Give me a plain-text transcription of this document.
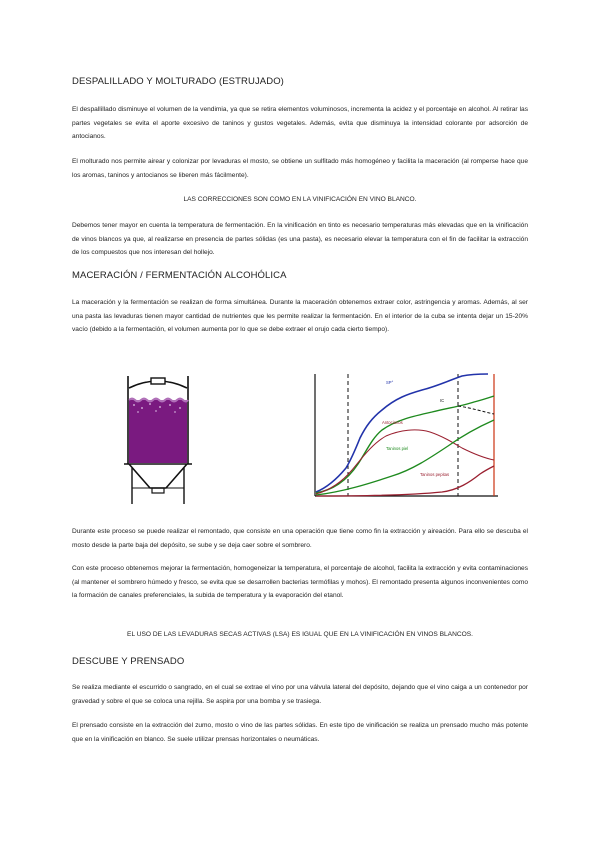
DESPALILLADO Y MOLTURADO (ESTRUJADO)

El despallillado disminuye el volumen de la vendimia, ya que se retira elementos voluminosos, incrementa la acidez y el porcentaje en alcohol. Al retirar las partes vegetales se evita el aporte excesivo de taninos y gustos vegetales. Además, evita que disminuya la intensidad colorante por adsorción de antocianos.

El molturado nos permite airear y colonizar por levaduras el mosto, se obtiene un sulfitado más homogéneo y facilita la maceración (al romperse hace que los aromas, taninos y antocianos se liberen más fácilmente).

LAS CORRECCIONES SON COMO EN LA VINIFICACIÓN EN VINO BLANCO.

Debemos tener mayor en cuenta la temperatura de fermentación. En la vinificación en tinto es necesario temperaturas más elevadas que en la vinificación de vinos blancos ya que, al realizarse en presencia de partes sólidas (es una pasta), es necesario elevar la temperatura con el fin de facilitar la extracción de los compuestos que nos interesan del hollejo.

MACERACIÓN / FERMENTACIÓN ALCOHÓLICA

La maceración y la fermentación se realizan de forma simultánea. Durante la maceración obtenemos extraer color, astringencia y aromas. Además, al ser una pasta las levaduras tienen mayor cantidad de nutrientes que les permite realizar la fermentación. En el interior de la cuba se intenta dejar un 15-20% vacío (debido a la fermentación, el volumen aumenta por lo que se debe extraer el orujo cada cierto tiempo).

SP°
IC
Antocianos
Taninos piel
Taninos pepitas

Durante este proceso se puede realizar el remontado, que consiste en una operación que tiene como fin la extracción y aireación. Para ello se descuba el mosto desde la parte baja del depósito, se sube y se deja caer sobre el sombrero.

Con este proceso obtenemos mejorar la fermentación, homogeneizar la temperatura, el porcentaje de alcohol, facilita la extracción y evita contaminaciones (al mantener el sombrero húmedo y fresco, se evita que se desarrollen bacterias termófilas y mohos). El remontado presenta algunos inconvenientes como la formación de canales preferenciales, la subida de temperatura y la evaporación del etanol.

EL USO DE LAS LEVADURAS SECAS ACTIVAS (LSA) ES IGUAL QUE EN LA VINIFICACIÓN EN VINOS BLANCOS.

DESCUBE Y PRENSADO

Se realiza mediante el escurrido o sangrado, en el cual se extrae el vino por una válvula lateral del depósito, dejando que el vino caiga a un contenedor por gravedad y sobre el que se coloca una rejilla. Se aspira por una bomba y se trasiega.

El prensado consiste en la extracción del zumo, mosto o vino de las partes sólidas. En este tipo de vinificación se realiza un prensado mucho más potente que en la vinificación en blanco. Se suele utilizar prensas horizontales o neumáticas.
